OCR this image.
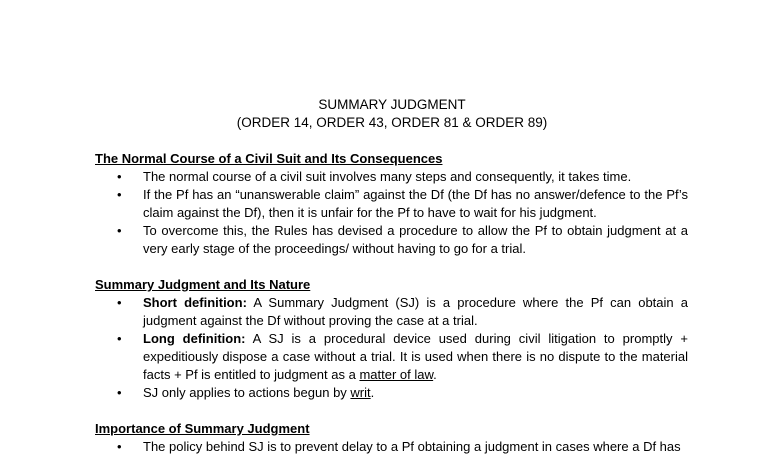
SUMMARY JUDGMENT
(ORDER 14, ORDER 43, ORDER 81 & ORDER 89)

The Normal Course of a Civil Suit and Its Consequences

• The normal course of a civil suit involves many steps and consequently, it takes time.
• If the Pf has an “unanswerable claim” against the Df (the Df has no answer/defence to the Pf’s claim against the Df), then it is unfair for the Pf to have to wait for his judgment.
• To overcome this, the Rules has devised a procedure to allow the Pf to obtain judgment at a very early stage of the proceedings/ without having to go for a trial.

Summary Judgment and Its Nature

• Short definition: A Summary Judgment (SJ) is a procedure where the Pf can obtain a judgment against the Df without proving the case at a trial.
• Long definition: A SJ is a procedural device used during civil litigation to promptly + expeditiously dispose a case without a trial. It is used when there is no dispute to the material facts + Pf is entitled to judgment as a matter of law.
• SJ only applies to actions begun by writ.

Importance of Summary Judgment

• The policy behind SJ is to prevent delay to a Pf obtaining a judgment in cases where a Df has
